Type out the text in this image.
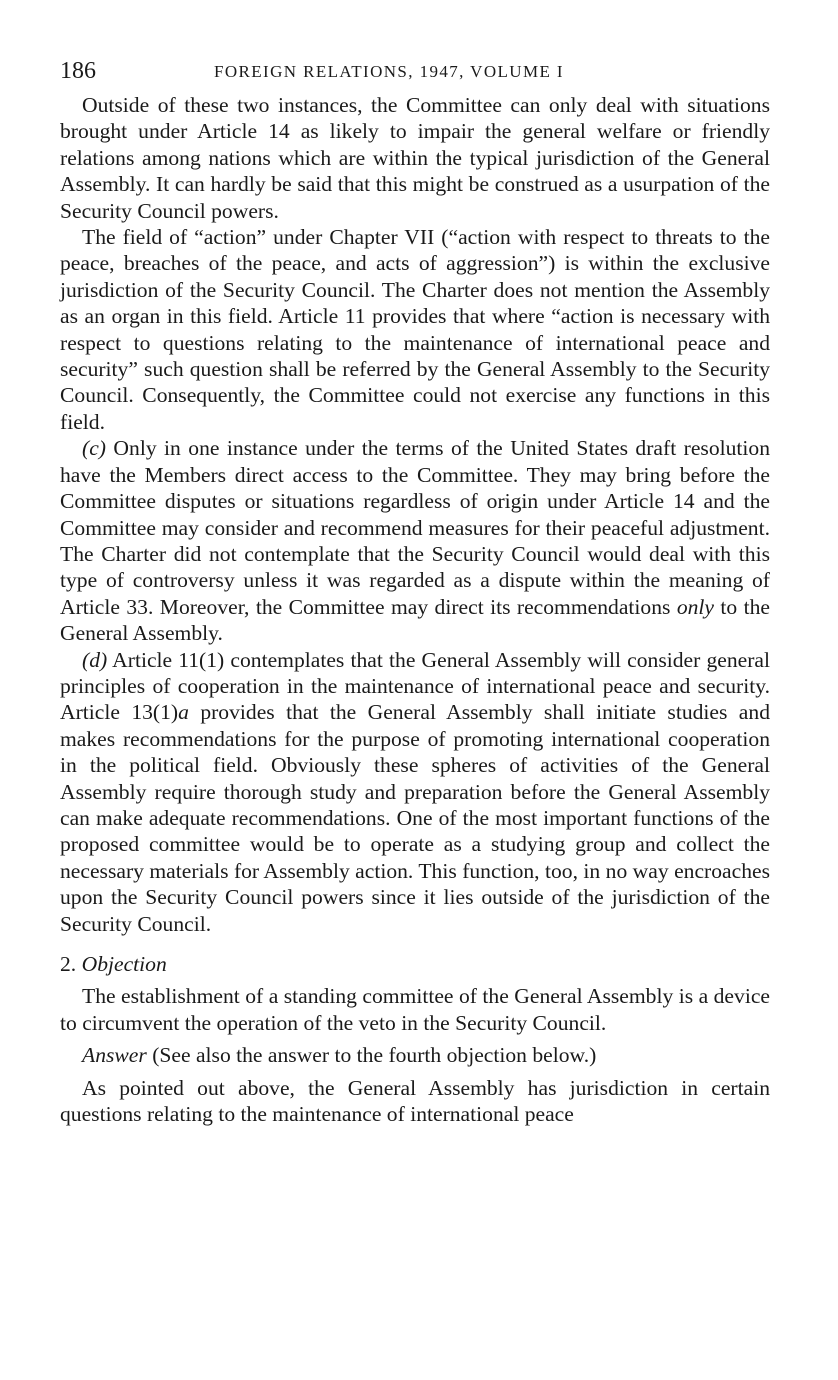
186	FOREIGN RELATIONS, 1947, VOLUME I

Outside of these two instances, the Committee can only deal with situations brought under Article 14 as likely to impair the general welfare or friendly relations among nations which are within the typical jurisdiction of the General Assembly. It can hardly be said that this might be construed as a usurpation of the Security Council powers.

The field of “action” under Chapter VII (“action with respect to threats to the peace, breaches of the peace, and acts of aggression”) is within the exclusive jurisdiction of the Security Council. The Charter does not mention the Assembly as an organ in this field. Article 11 provides that where “action is necessary with respect to questions relating to the maintenance of international peace and security” such question shall be referred by the General Assembly to the Security Council. Consequently, the Committee could not exercise any functions in this field.

(c) Only in one instance under the terms of the United States draft resolution have the Members direct access to the Committee. They may bring before the Committee disputes or situations regardless of origin under Article 14 and the Committee may consider and recommend measures for their peaceful adjustment. The Charter did not contemplate that the Security Council would deal with this type of controversy unless it was regarded as a dispute within the meaning of Article 33. Moreover, the Committee may direct its recommendations only to the General Assembly.

(d) Article 11(1) contemplates that the General Assembly will consider general principles of cooperation in the maintenance of international peace and security. Article 13(1)a provides that the General Assembly shall initiate studies and makes recommendations for the purpose of promoting international cooperation in the political field. Obviously these spheres of activities of the General Assembly require thorough study and preparation before the General Assembly can make adequate recommendations. One of the most important functions of the proposed committee would be to operate as a studying group and collect the necessary materials for Assembly action. This function, too, in no way encroaches upon the Security Council powers since it lies outside of the jurisdiction of the Security Council.

2. Objection

The establishment of a standing committee of the General Assembly is a device to circumvent the operation of the veto in the Security Council.

Answer (See also the answer to the fourth objection below.)

As pointed out above, the General Assembly has jurisdiction in certain questions relating to the maintenance of international peace
